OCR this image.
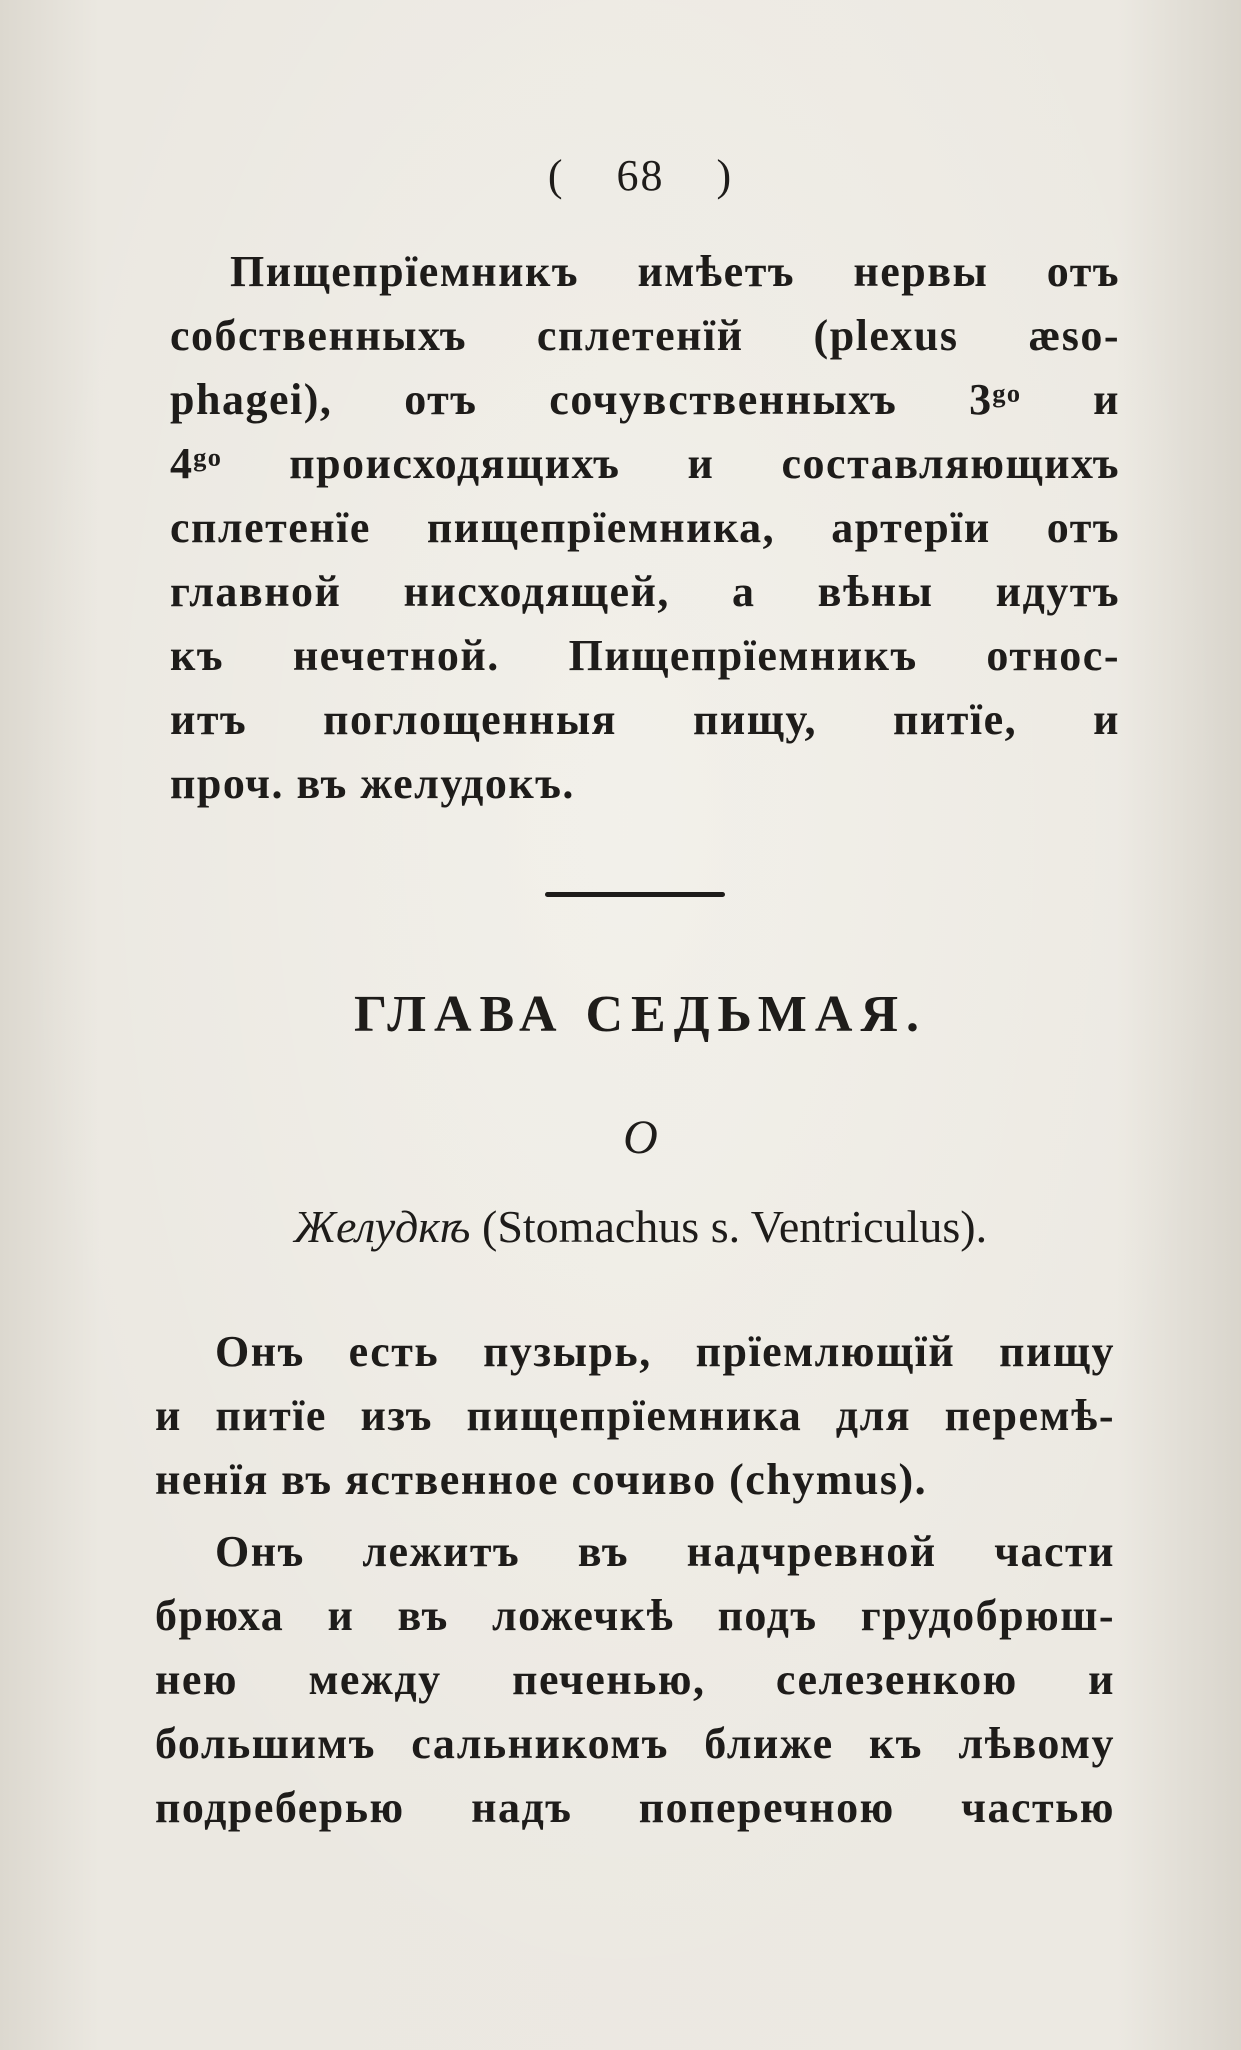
( 68 )
Пищепрїемникъ имѣетъ нервы отъ
собственныхъ сплетенїй (plexus æso-
phagei), отъ сочувственныхъ 3ᵍᵒ и
4ᵍᵒ происходящихъ и составляющихъ
сплетенїе пищепрїемника, артерїи отъ
главной нисходящей, а вѣны идутъ
къ нечетной. Пищепрїемникъ относ-
итъ поглощенныя пищу, питїе, и
проч. въ желудокъ.
ГЛАВА СЕДЬМАЯ.
О
Желудкѣ (Stomachus s. Ventriculus).
Онъ есть пузырь, прїемлющїй пищу
и питїе изъ пищепрїемника для перемѣ-
ненїя въ яственное сочиво (chymus).
Онъ лежитъ въ надчревной части
брюха и въ ложечкѣ подъ грудобрюш-
нею между печенью, селезенкою и
большимъ сальникомъ ближе къ лѣвому
подреберью надъ поперечною частью
